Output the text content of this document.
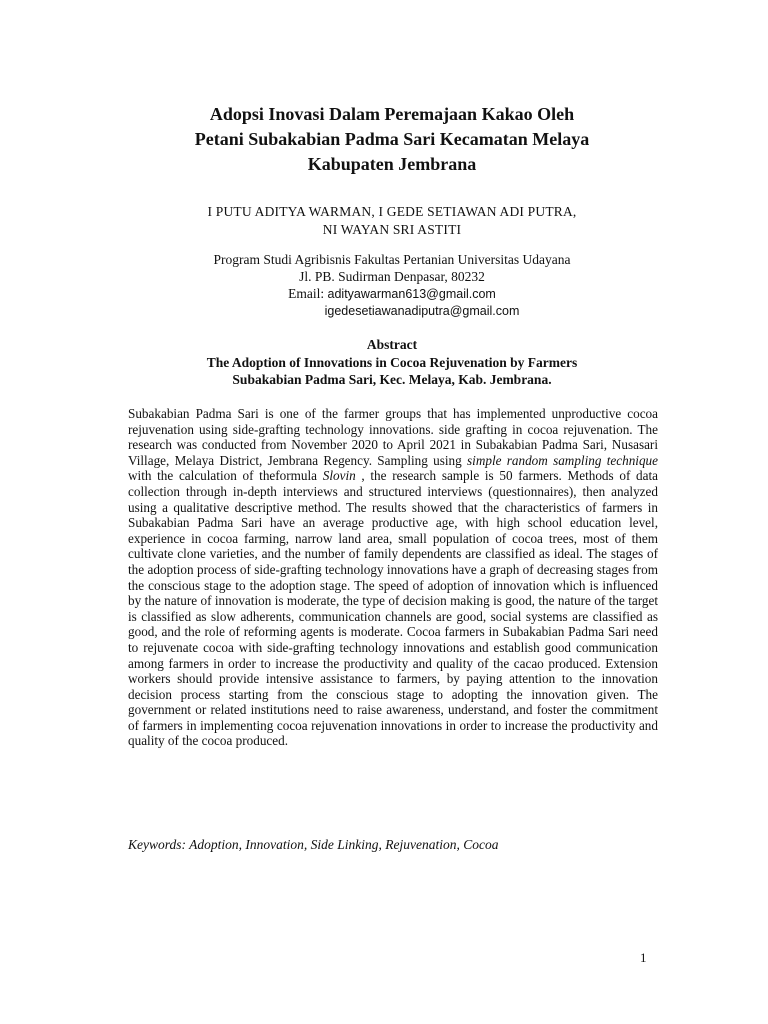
Adopsi Inovasi Dalam Peremajaan Kakao Oleh
Petani Subakabian Padma Sari Kecamatan Melaya
Kabupaten Jembrana
I PUTU ADITYA WARMAN, I GEDE SETIAWAN ADI PUTRA,
NI WAYAN SRI ASTITI
Program Studi Agribisnis Fakultas Pertanian Universitas Udayana
Jl. PB. Sudirman Denpasar, 80232
Email: adityawarman613@gmail.com
igedesetiawanadiputra@gmail.com
Abstract
The Adoption of Innovations in Cocoa Rejuvenation by Farmers
Subakabian Padma Sari, Kec. Melaya, Kab. Jembrana.
Subakabian Padma Sari is one of the farmer groups that has implemented unproductive cocoa rejuvenation using side-grafting technology innovations. side grafting in cocoa rejuvenation. The research was conducted from November 2020 to April 2021 in Subakabian Padma Sari, Nusasari Village, Melaya District, Jembrana Regency. Sampling using simple random sampling technique with the calculation of theformula Slovin , the research sample is 50 farmers. Methods of data collection through in-depth interviews and structured interviews (questionnaires), then analyzed using a qualitative descriptive method. The results showed that the characteristics of farmers in Subakabian Padma Sari have an average productive age, with high school education level, experience in cocoa farming, narrow land area, small population of cocoa trees, most of them cultivate clone varieties, and the number of family dependents are classified as ideal. The stages of the adoption process of side-grafting technology innovations have a graph of decreasing stages from the conscious stage to the adoption stage. The speed of adoption of innovation which is influenced by the nature of innovation is moderate, the type of decision making is good, the nature of the target is classified as slow adherents, communication channels are good, social systems are classified as good, and the role of reforming agents is moderate. Cocoa farmers in Subakabian Padma Sari need to rejuvenate cocoa with side-grafting technology innovations and establish good communication among farmers in order to increase the productivity and quality of the cacao produced. Extension workers should provide intensive assistance to farmers, by paying attention to the innovation decision process starting from the conscious stage to adopting the innovation given. The government or related institutions need to raise awareness, understand, and foster the commitment of farmers in implementing cocoa rejuvenation innovations in order to increase the productivity and quality of the cocoa produced.
Keywords: Adoption, Innovation, Side Linking, Rejuvenation, Cocoa
1
